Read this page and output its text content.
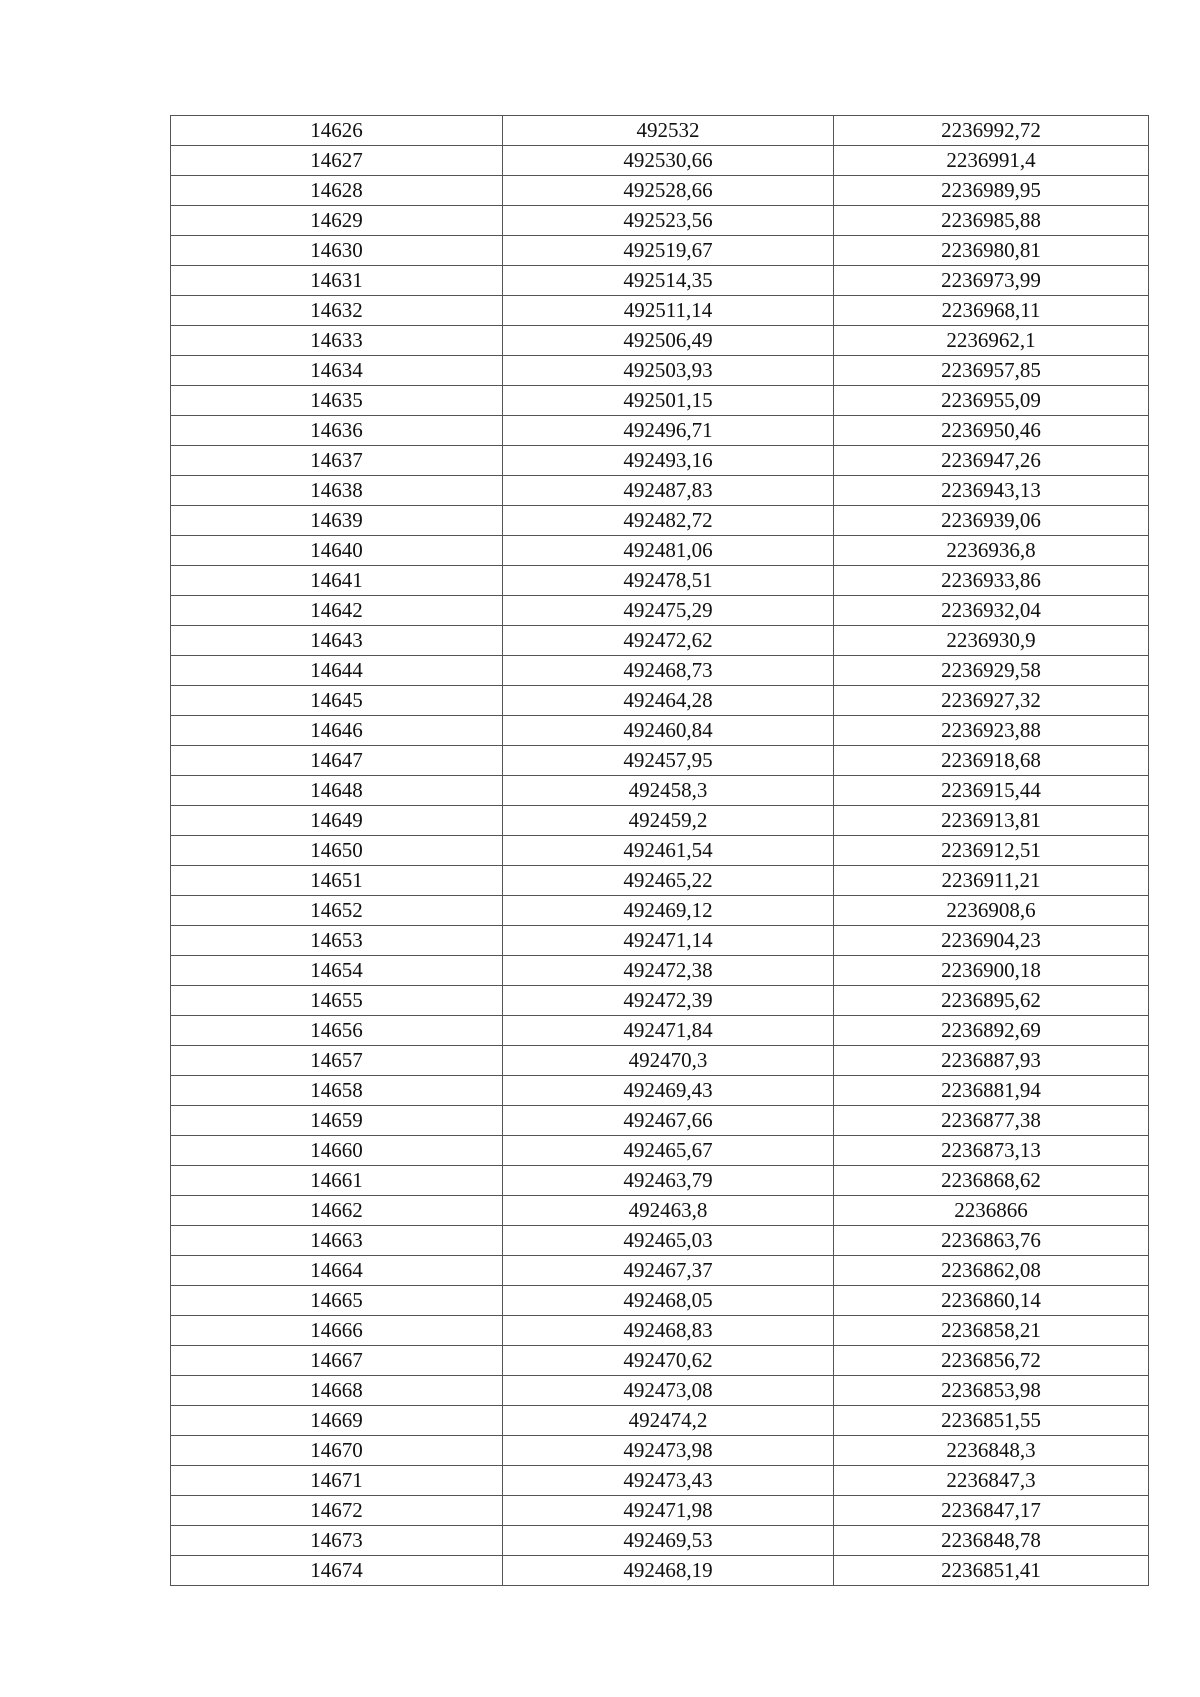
14626	492532	2236992,72
14627	492530,66	2236991,4
14628	492528,66	2236989,95
14629	492523,56	2236985,88
14630	492519,67	2236980,81
14631	492514,35	2236973,99
14632	492511,14	2236968,11
14633	492506,49	2236962,1
14634	492503,93	2236957,85
14635	492501,15	2236955,09
14636	492496,71	2236950,46
14637	492493,16	2236947,26
14638	492487,83	2236943,13
14639	492482,72	2236939,06
14640	492481,06	2236936,8
14641	492478,51	2236933,86
14642	492475,29	2236932,04
14643	492472,62	2236930,9
14644	492468,73	2236929,58
14645	492464,28	2236927,32
14646	492460,84	2236923,88
14647	492457,95	2236918,68
14648	492458,3	2236915,44
14649	492459,2	2236913,81
14650	492461,54	2236912,51
14651	492465,22	2236911,21
14652	492469,12	2236908,6
14653	492471,14	2236904,23
14654	492472,38	2236900,18
14655	492472,39	2236895,62
14656	492471,84	2236892,69
14657	492470,3	2236887,93
14658	492469,43	2236881,94
14659	492467,66	2236877,38
14660	492465,67	2236873,13
14661	492463,79	2236868,62
14662	492463,8	2236866
14663	492465,03	2236863,76
14664	492467,37	2236862,08
14665	492468,05	2236860,14
14666	492468,83	2236858,21
14667	492470,62	2236856,72
14668	492473,08	2236853,98
14669	492474,2	2236851,55
14670	492473,98	2236848,3
14671	492473,43	2236847,3
14672	492471,98	2236847,17
14673	492469,53	2236848,78
14674	492468,19	2236851,41
